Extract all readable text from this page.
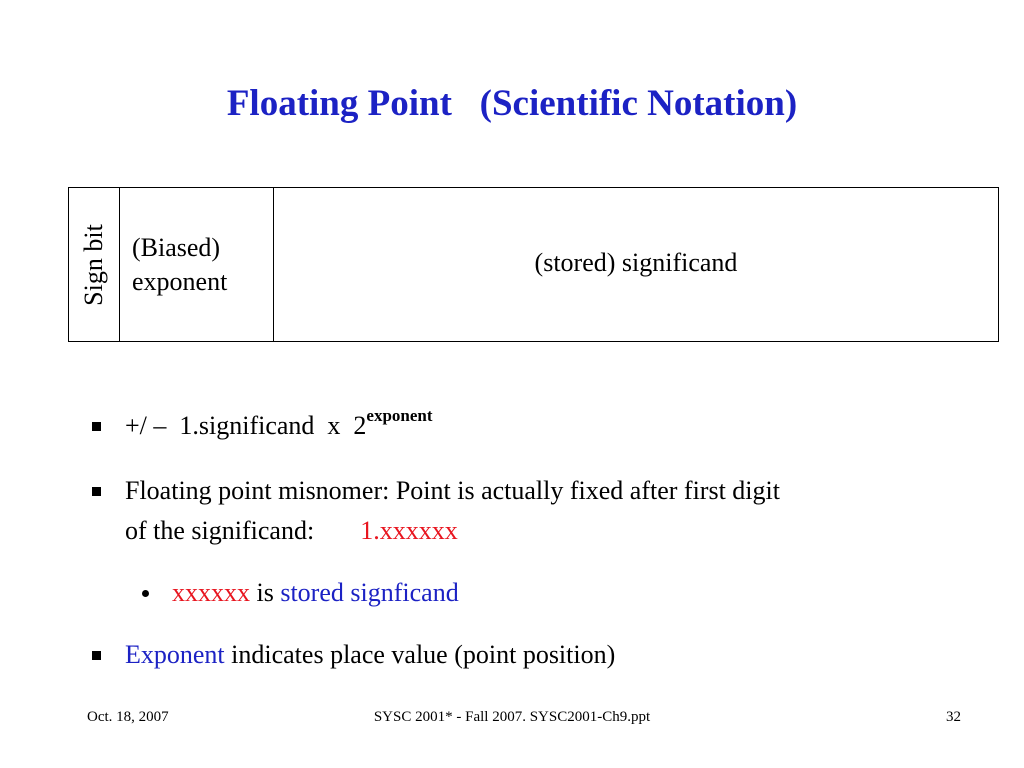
Floating Point   (Scientific Notation)
Sign bit (Biased)
exponent
(stored) significand
+/ –  1.significand  x  $2^{exponent}$
Floating point misnomer: Point is actually fixed after first digit
of the significand: 1.xxxxxx
xxxxxx is stored signficand
Exponent indicates place value (point position)
Oct. 18, 2007	SYSC 2001* - Fall 2007. SYSC2001-Ch9.ppt	32
